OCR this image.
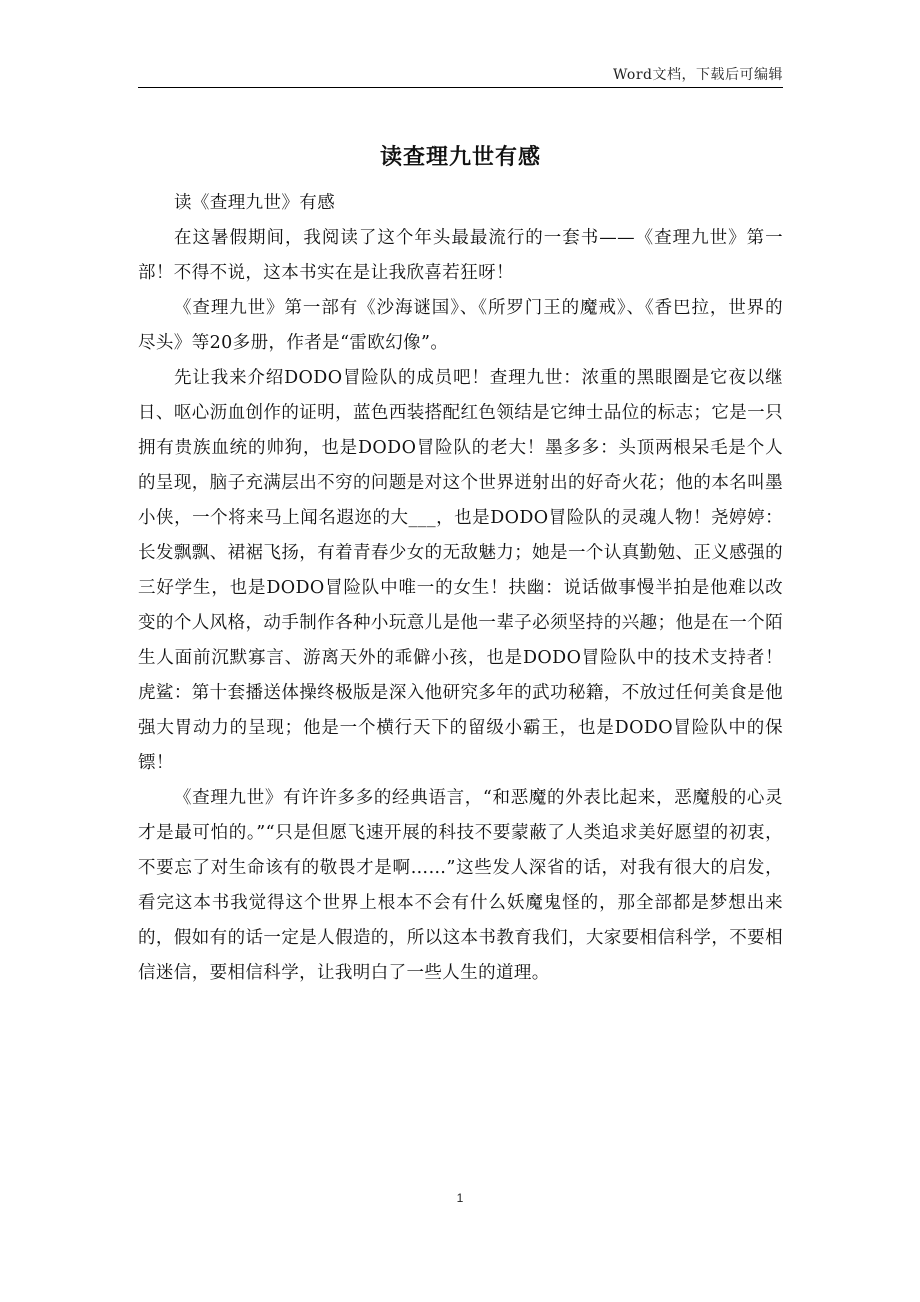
Word文档，下载后可编辑
读查理九世有感

读《查理九世》有感

在这暑假期间，我阅读了这个年头最最流行的一套书——《查理九世》第一部！不得不说，这本书实在是让我欣喜若狂呀！

《查理九世》第一部有《沙海谜国》、《所罗门王的魔戒》、《香巴拉，世界的尽头》等20多册，作者是“雷欧幻像”。

先让我来介绍DODO冒险队的成员吧！查理九世：浓重的黑眼圈是它夜以继日、呕心沥血创作的证明，蓝色西装搭配红色领结是它绅士品位的标志；它是一只拥有贵族血统的帅狗，也是DODO冒险队的老大！墨多多：头顶两根呆毛是个人的呈现，脑子充满层出不穷的问题是对这个世界迸射出的好奇火花；他的本名叫墨小侠，一个将来马上闻名遐迩的大___，也是DODO冒险队的灵魂人物！尧婷婷：长发飘飘、裙裾飞扬，有着青春少女的无敌魅力；她是一个认真勤勉、正义感强的三好学生，也是DODO冒险队中唯一的女生！扶幽：说话做事慢半拍是他难以改变的个人风格，动手制作各种小玩意儿是他一辈子必须坚持的兴趣；他是在一个陌生人面前沉默寡言、游离天外的乖僻小孩，也是DODO冒险队中的技术支持者！虎鲨：第十套播送体操终极版是深入他研究多年的武功秘籍，不放过任何美食是他强大胃动力的呈现；他是一个横行天下的留级小霸王，也是DODO冒险队中的保镖！

《查理九世》有许许多多的经典语言，“和恶魔的外表比起来，恶魔般的心灵才是最可怕的。”“只是但愿飞速开展的科技不要蒙蔽了人类追求美好愿望的初衷，不要忘了对生命该有的敬畏才是啊……”这些发人深省的话，对我有很大的启发，看完这本书我觉得这个世界上根本不会有什么妖魔鬼怪的，那全部都是梦想出来的，假如有的话一定是人假造的，所以这本书教育我们，大家要相信科学，不要相信迷信，要相信科学，让我明白了一些人生的道理。

1
